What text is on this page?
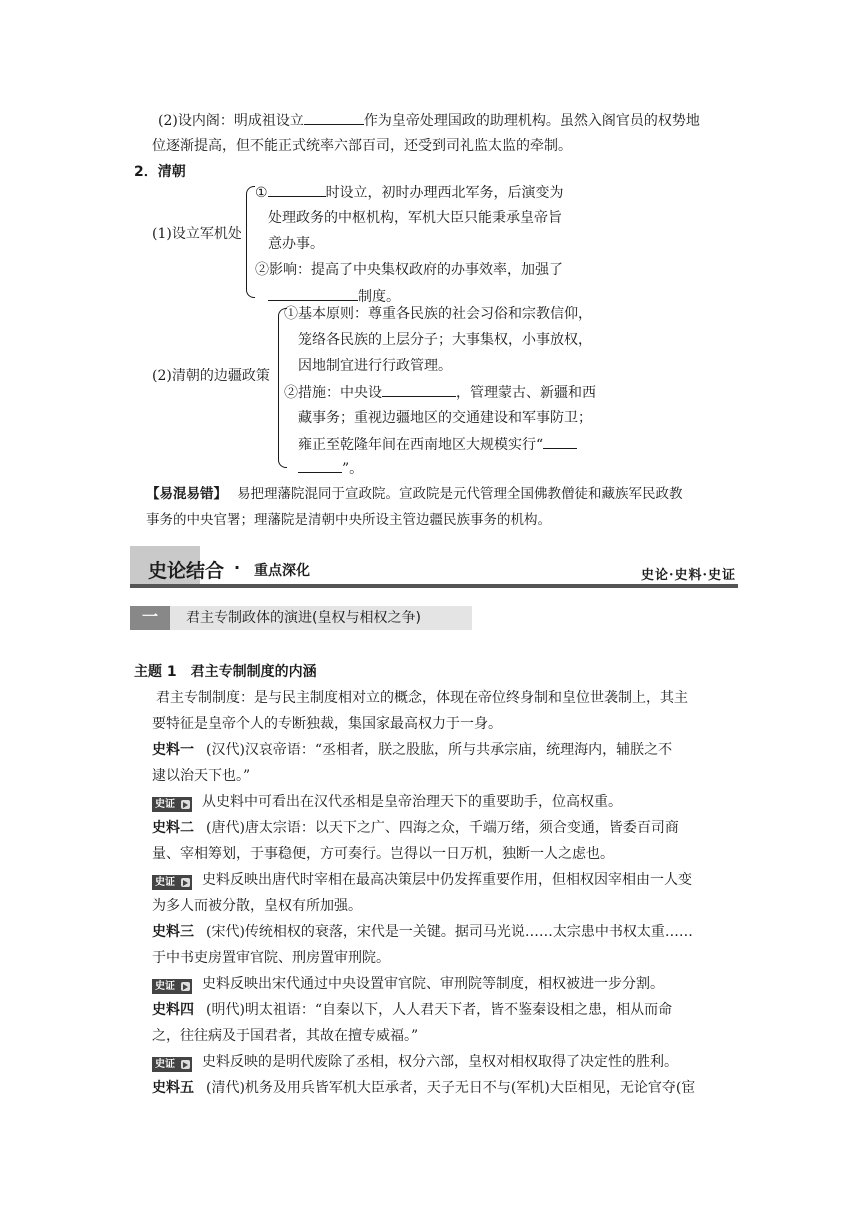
(2)设内阁：明成祖设立	作为皇帝处理国政的助理机构。虽然入阁官员的权势地
位逐渐提高，但不能正式统率六部百司，还受到司礼监太监的牵制。
2．清朝
(1)设立军机处
①	时设立，初时办理西北军务，后演变为
处理政务的中枢机构，军机大臣只能秉承皇帝旨
意办事。
②影响：提高了中央集权政府的办事效率，加强了
制度。
(2)清朝的边疆政策
①基本原则：尊重各民族的社会习俗和宗教信仰，
笼络各民族的上层分子；大事集权，小事放权，
因地制宜进行行政管理。
②措施：中央设	，管理蒙古、新疆和西
藏事务；重视边疆地区的交通建设和军事防卫；
雍正至乾隆年间在西南地区大规模实行“
”。
【易混易错】 易把理藩院混同于宣政院。宣政院是元代管理全国佛教僧徒和藏族军民政教
事务的中央官署；理藩院是清朝中央所设主管边疆民族事务的机构。
史论结合 · 重点深化	史论·史料·史证
一	君主专制政体的演进(皇权与相权之争)
主题 1　君主专制制度的内涵
君主专制制度：是与民主制度相对立的概念，体现在帝位终身制和皇位世袭制上，其主
要特征是皇帝个人的专断独裁，集国家最高权力于一身。
史料一 (汉代)汉哀帝语：“丞相者，朕之股肱，所与共承宗庙，统理海内，辅朕之不
逮以治天下也。”
史证 从史料中可看出在汉代丞相是皇帝治理天下的重要助手，位高权重。
史料二 (唐代)唐太宗语：以天下之广、四海之众，千端万绪，须合变通，皆委百司商
量、宰相筹划，于事稳便，方可奏行。岂得以一日万机，独断一人之虑也。
史证 史料反映出唐代时宰相在最高决策层中仍发挥重要作用，但相权因宰相由一人变
为多人而被分散，皇权有所加强。
史料三 (宋代)传统相权的衰落，宋代是一关键。据司马光说……太宗患中书权太重……
于中书吏房置审官院、刑房置审刑院。
史证 史料反映出宋代通过中央设置审官院、审刑院等制度，相权被进一步分割。
史料四 (明代)明太祖语：“自秦以下，人人君天下者，皆不鉴秦设相之患，相从而命
之，往往病及于国君者，其故在擅专威福。”
史证 史料反映的是明代废除了丞相，权分六部，皇权对相权取得了决定性的胜利。
史料五 (清代)机务及用兵皆军机大臣承者，天子无日不与(军机)大臣相见，无论官夺(宦
